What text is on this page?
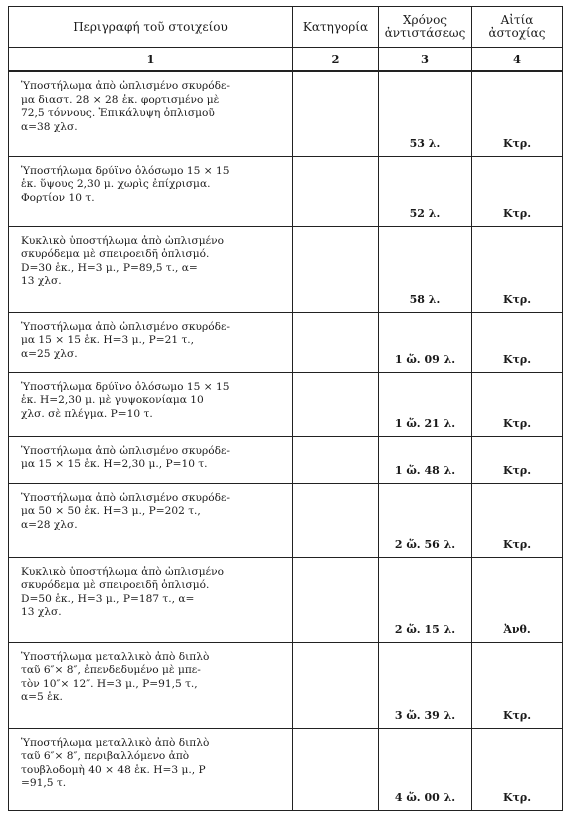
Περιγραφή τοῦ στοιχείου	Κατηγορία	Χρόνος ἀντιστάσεως	Αἰτία ἀστοχίας
1	2	3	4
Ὑποστήλωμα ἀπὸ ὠπλισμένο σκυρόδε-
μα διαστ. 28 × 28 ἑκ. φορτισμένο μὲ
72,5 τόννους. Ἐπικάλυψη ὀπλισμοῦ
α=38 χλσ.		53 λ.	Κτρ.
Ὑποστήλωμα δρύϊνο ὁλόσωμο 15 × 15
ἑκ. ὕψους 2,30 μ. χωρὶς ἐπίχρισμα.
Φορτίον 10 τ.		52 λ.	Κτρ.
Κυκλικὸ ὑποστήλωμα ἀπὸ ὠπλισμένο
σκυρόδεμα μὲ σπειροειδῆ ὁπλισμό.
D=30 ἑκ., H=3 μ., P=89,5 τ., α=
13 χλσ.		58 λ.	Κτρ.
Ὑποστήλωμα ἀπὸ ὠπλισμένο σκυρόδε-
μα 15 × 15 ἑκ. H=3 μ., P=21 τ.,
α=25 χλσ.		1 ὥ. 09 λ.	Κτρ.
Ὑποστήλωμα δρύϊνο ὁλόσωμο 15 × 15
ἑκ. H=2,30 μ. μὲ γυψοκονίαμα 10
χλσ. σὲ πλέγμα. P=10 τ.		1 ὥ. 21 λ.	Κτρ.
Ὑποστήλωμα ἀπὸ ὠπλισμένο σκυρόδε-
μα 15 × 15 ἑκ. H=2,30 μ., P=10 τ.		1 ὥ. 48 λ.	Κτρ.
Ὑποστήλωμα ἀπὸ ὠπλισμένο σκυρόδε-
μα 50 × 50 ἑκ. H=3 μ., P=202 τ.,
α=28 χλσ.		2 ὥ. 56 λ.	Κτρ.
Κυκλικὸ ὑποστήλωμα ἀπὸ ὠπλισμένο
σκυρόδεμα μὲ σπειροειδῆ ὁπλισμό.
D=50 ἑκ., H=3 μ., P=187 τ., α=
13 χλσ.		2 ὥ. 15 λ.	Ἀνθ.
Ὑποστήλωμα μεταλλικὸ ἀπὸ διπλὸ
ταῦ 6″× 8″, ἐπενδεδυμένο μὲ μπε-
τὸν 10″× 12″. H=3 μ., P=91,5 τ.,
α=5 ἑκ.		3 ὥ. 39 λ.	Κτρ.
Ὑποστήλωμα μεταλλικὸ ἀπὸ διπλὸ
ταῦ 6″× 8″, περιβαλλόμενο ἀπὸ
τουβλοδομὴ 40 × 48 ἑκ. H=3 μ., P
=91,5 τ.		4 ὥ. 00 λ.	Κτρ.
